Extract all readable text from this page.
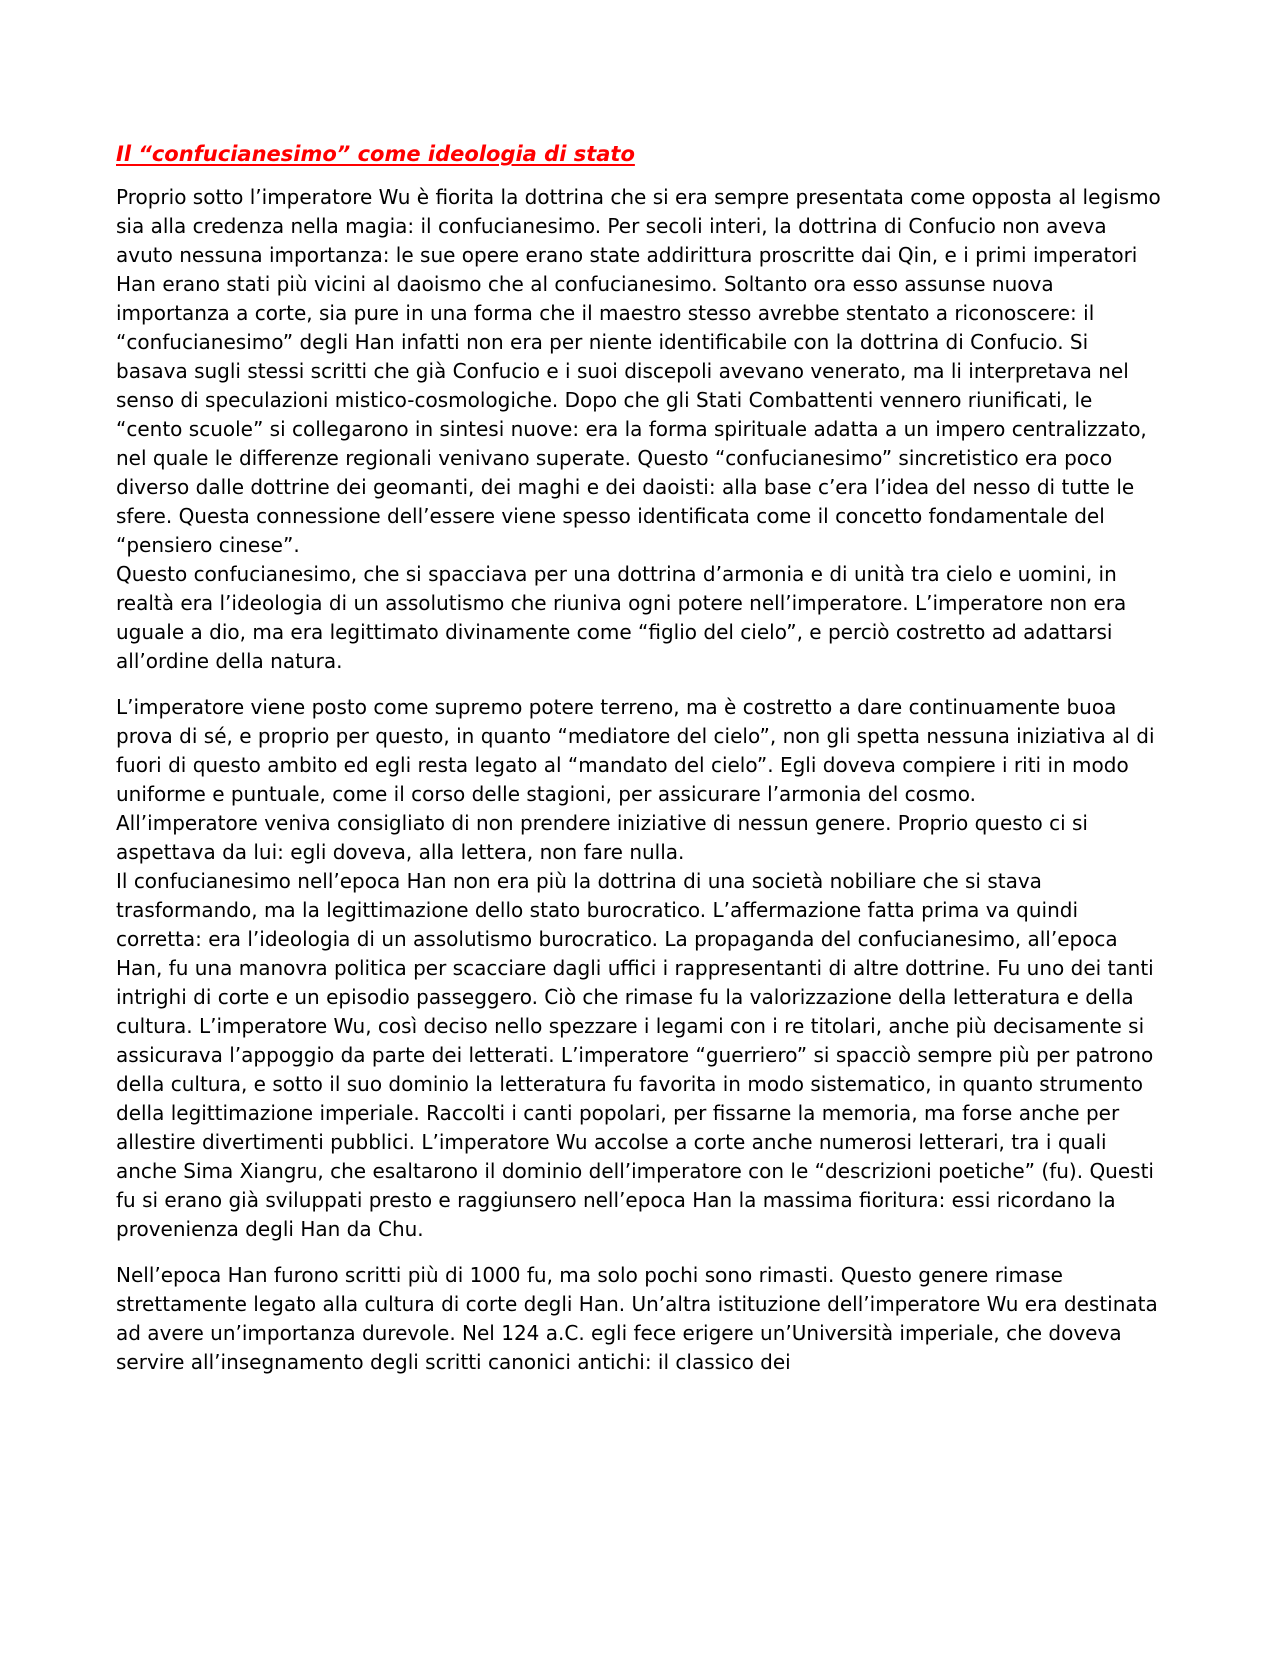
Il “confucianesimo” come ideologia di stato

Proprio sotto l’imperatore Wu è fiorita la dottrina che si era sempre presentata come opposta al legismo sia alla credenza nella magia: il confucianesimo. Per secoli interi, la dottrina di Confucio non aveva avuto nessuna importanza: le sue opere erano state addirittura proscritte dai Qin, e i primi imperatori Han erano stati più vicini al daoismo che al confucianesimo. Soltanto ora esso assunse nuova importanza a corte, sia pure in una forma che il maestro stesso avrebbe stentato a riconoscere: il “confucianesimo” degli Han infatti non era per niente identificabile con la dottrina di Confucio. Si basava sugli stessi scritti che già Confucio e i suoi discepoli avevano venerato, ma li interpretava nel senso di speculazioni mistico-cosmologiche. Dopo che gli Stati Combattenti vennero riunificati, le “cento scuole” si collegarono in sintesi nuove: era la forma spirituale adatta a un impero centralizzato, nel quale le differenze regionali venivano superate. Questo “confucianesimo” sincretistico era poco diverso dalle dottrine dei geomanti, dei maghi e dei daoisti: alla base c’era l’idea del nesso di tutte le sfere. Questa connessione dell’essere viene spesso identificata come il concetto fondamentale del “pensiero cinese”.

Questo confucianesimo, che si spacciava per una dottrina d’armonia e di unità tra cielo e uomini, in realtà era l’ideologia di un assolutismo che riuniva ogni potere nell’imperatore. L’imperatore non era uguale a dio, ma era legittimato divinamente come “figlio del cielo”, e perciò costretto ad adattarsi all’ordine della natura.

L’imperatore viene posto come supremo potere terreno, ma è costretto a dare continuamente buoa prova di sé, e proprio per questo, in quanto “mediatore del cielo”, non gli spetta nessuna iniziativa al di fuori di questo ambito ed egli resta legato al “mandato del cielo”. Egli doveva compiere i riti in modo uniforme e puntuale, come il corso delle stagioni, per assicurare l’armonia del cosmo.

All’imperatore veniva consigliato di non prendere iniziative di nessun genere. Proprio questo ci si aspettava da lui: egli doveva, alla lettera, non fare nulla.

Il confucianesimo nell’epoca Han non era più la dottrina di una società nobiliare che si stava trasformando, ma la legittimazione dello stato burocratico. L’affermazione fatta prima va quindi corretta: era l’ideologia di un assolutismo burocratico. La propaganda del confucianesimo, all’epoca Han, fu una manovra politica per scacciare dagli uffici i rappresentanti di altre dottrine. Fu uno dei tanti intrighi di corte e un episodio passeggero. Ciò che rimase fu la valorizzazione della letteratura e della cultura. L’imperatore Wu, così deciso nello spezzare i legami con i re titolari, anche più decisamente si assicurava l’appoggio da parte dei letterati. L’imperatore “guerriero” si spacciò sempre più per patrono della cultura, e sotto il suo dominio la letteratura fu favorita in modo sistematico, in quanto strumento della legittimazione imperiale. Raccolti i canti popolari, per fissarne la memoria, ma forse anche per allestire divertimenti pubblici. L’imperatore Wu accolse a corte anche numerosi letterari, tra i quali anche Sima Xiangru, che esaltarono il dominio dell’imperatore con le “descrizioni poetiche” (fu). Questi fu si erano già sviluppati presto e raggiunsero nell’epoca Han la massima fioritura: essi ricordano la provenienza degli Han da Chu.

Nell’epoca Han furono scritti più di 1000 fu, ma solo pochi sono rimasti. Questo genere rimase strettamente legato alla cultura di corte degli Han. Un’altra istituzione dell’imperatore Wu era destinata ad avere un’importanza durevole. Nel 124 a.C. egli fece erigere un’Università imperiale, che doveva servire all’insegnamento degli scritti canonici antichi: il classico dei
